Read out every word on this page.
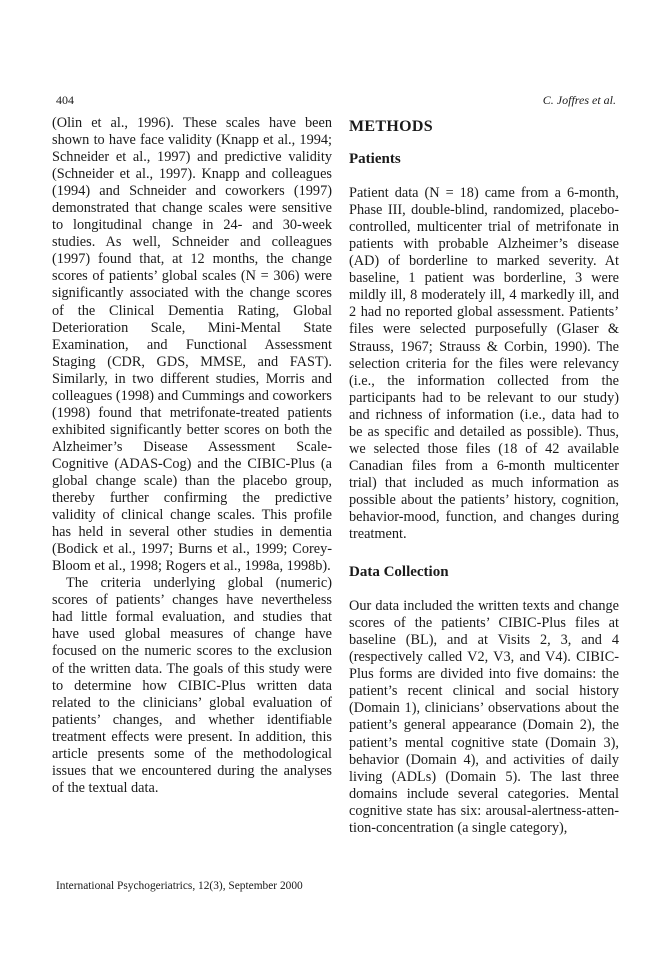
404	C. Joffres et al.

(Olin et al., 1996). These scales have been shown to have face validity (Knapp et al., 1994; Schneider et al., 1997) and predictive validity (Schneider et al., 1997). Knapp and colleagues (1994) and Schneider and coworkers (1997) demonstrated that change scales were sensitive to longitudinal change in 24- and 30-week studies. As well, Schneider and colleagues (1997) found that, at 12 months, the change scores of patients’ global scales (N = 306) were significantly associated with the change scores of the Clinical Dementia Rating, Global Deterioration Scale, Mini-Mental State Examination, and Functional Assessment Staging (CDR, GDS, MMSE, and FAST). Similarly, in two different studies, Morris and colleagues (1998) and Cummings and coworkers (1998) found that metrifonate-treated patients exhibited significantly better scores on both the Alzheimer’s Disease Assessment Scale-Cognitive (ADAS-Cog) and the CIBIC-Plus (a global change scale) than the placebo group, thereby further confirming the predictive validity of clinical change scales. This profile has held in several other studies in dementia (Bodick et al., 1997; Burns et al., 1999; Corey-Bloom et al., 1998; Rogers et al., 1998a, 1998b).

The criteria underlying global (numeric) scores of patients’ changes have nevertheless had little formal evaluation, and studies that have used global measures of change have focused on the numeric scores to the exclusion of the written data. The goals of this study were to determine how CIBIC-Plus written data related to the clinicians’ global evaluation of patients’ changes, and whether identifiable treatment effects were present. In addition, this article presents some of the methodological issues that we encountered during the analyses of the textual data.

METHODS
Patients

Patient data (N = 18) came from a 6-month, Phase III, double-blind, randomized, placebo-controlled, multicenter trial of metrifonate in patients with probable Alzheimer’s disease (AD) of borderline to marked severity. At baseline, 1 patient was borderline, 3 were mildly ill, 8 moderately ill, 4 markedly ill, and 2 had no reported global assessment. Patients’ files were selected purposefully (Glaser & Strauss, 1967; Strauss & Corbin, 1990). The selection criteria for the files were relevancy (i.e., the information collected from the participants had to be relevant to our study) and richness of information (i.e., data had to be as specific and detailed as possible). Thus, we selected those files (18 of 42 available Canadian files from a 6-month multicenter trial) that included as much information as possible about the patients’ history, cognition, behavior-mood, function, and changes during treatment.

Data Collection

Our data included the written texts and change scores of the patients’ CIBIC-Plus files at baseline (BL), and at Visits 2, 3, and 4 (respectively called V2, V3, and V4). CIBIC-Plus forms are divided into five domains: the patient’s recent clinical and social history (Domain 1), clinicians’ observations about the patient’s general appearance (Domain 2), the patient’s mental cognitive state (Domain 3), behavior (Domain 4), and activities of daily living (ADLs) (Domain 5). The last three domains include several categories. Mental cognitive state has six: arousal-alertness-attention-concentration (a single category),

International Psychogeriatrics, 12(3), September 2000
